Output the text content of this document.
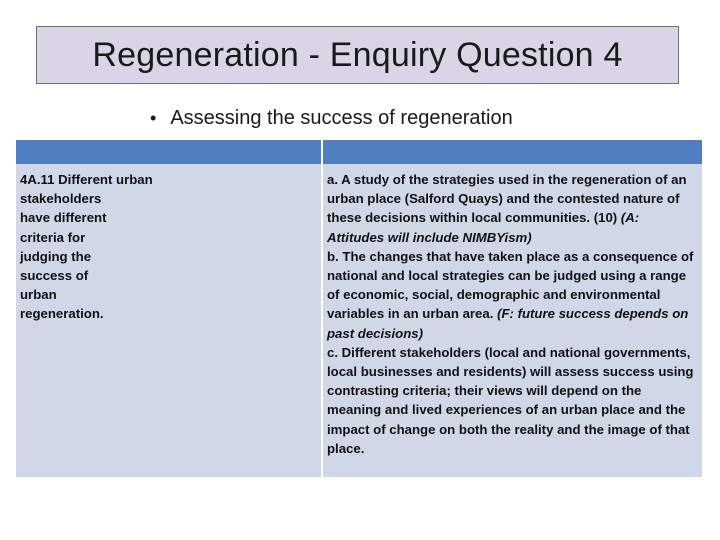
Regeneration - Enquiry Question 4
• Assessing the success of regeneration
4A.11 Different urban
stakeholders
have different
criteria for
judging the
success of
urban
regeneration.
a. A study of the strategies used in the regeneration of an urban place (Salford Quays) and the contested nature of these decisions within local communities. (10) (A: Attitudes will include NIMBYism)
b. The changes that have taken place as a consequence of national and local strategies can be judged using a range of economic, social, demographic and environmental variables in an urban area. (F: future success depends on past decisions)
c. Different stakeholders (local and national governments, local businesses and residents) will assess success using contrasting criteria; their views will depend on the meaning and lived experiences of an urban place and the impact of change on both the reality and the image of that place.
